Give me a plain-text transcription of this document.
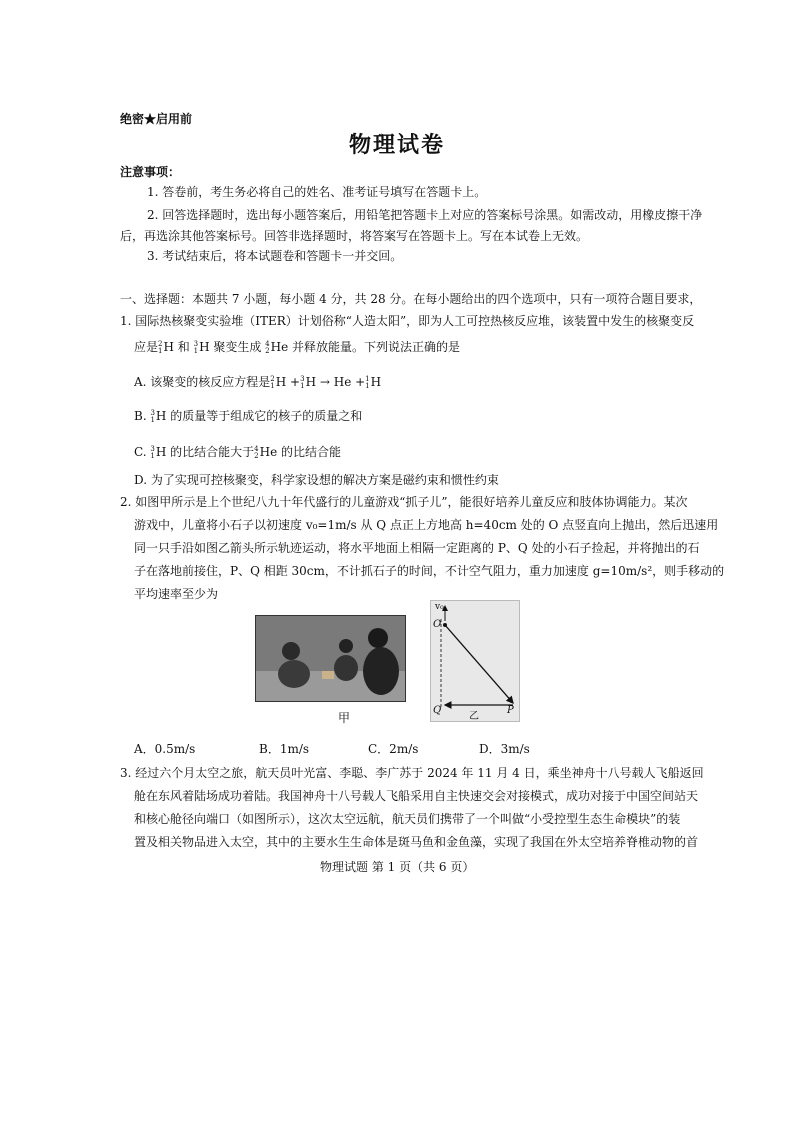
绝密★启用前
物理试卷
注意事项：
1. 答卷前，考生务必将自己的姓名、准考证号填写在答题卡上。
2. 回答选择题时，选出每小题答案后，用铅笔把答题卡上对应的答案标号涂黑。如需改动，用橡皮擦干净
后，再选涂其他答案标号。回答非选择题时，将答案写在答题卡上。写在本试卷上无效。
3. 考试结束后，将本试题卷和答题卡一并交回。
一、选择题：本题共 7 小题，每小题 4 分，共 28 分。在每小题给出的四个选项中，只有一项符合题目要求，
1. 国际热核聚变实验堆（ITER）计划俗称“人造太阳”，即为人工可控热核反应堆，该装置中发生的核聚变反
应是 2
1 H 和 3
1 H 聚变生成 4
2 He 并释放能量。下列说法正确的是
A. 该聚变的核反应方程是 2
1 H + 3
1 H → He + 1
1 H
B. 3
1 H 的质量等于组成它的核子的质量之和
C. 3
1 H 的比结合能大于 4
2 He 的比结合能
D. 为了实现可控核聚变，科学家设想的解决方案是磁约束和惯性约束
2. 如图甲所示是上个世纪八九十年代盛行的儿童游戏“抓子儿”，能很好培养儿童反应和肢体协调能力。某次
游戏中，儿童将小石子以初速度 v₀=1m/s 从 Q 点正上方地高 h=40cm 处的 O 点竖直向上抛出，然后迅速用
同一只手沿如图乙箭头所示轨迹运动，将水平地面上相隔一定距离的 P、Q 处的小石子捡起，并将抛出的石
子在落地前接住，P、Q 相距 30cm，不计抓石子的时间，不计空气阻力，重力加速度 g=10m/s²，则手移动的
平均速率至少为
甲
v₀
O
Q	P
乙
A．0.5m/s	B．1m/s	C．2m/s	D．3m/s
3. 经过六个月太空之旅，航天员叶光富、李聪、李广苏于 2024 年 11 月 4 日，乘坐神舟十八号载人飞船返回
舱在东风着陆场成功着陆。我国神舟十八号载人飞船采用自主快速交会对接模式，成功对接于中国空间站天
和核心舱径向端口（如图所示），这次太空远航，航天员们携带了一个叫做“小受控型生态生命模块”的装
置及相关物品进入太空，其中的主要水生生命体是斑马鱼和金鱼藻，实现了我国在外太空培养脊椎动物的首
物理试题 第 1 页（共 6 页）
